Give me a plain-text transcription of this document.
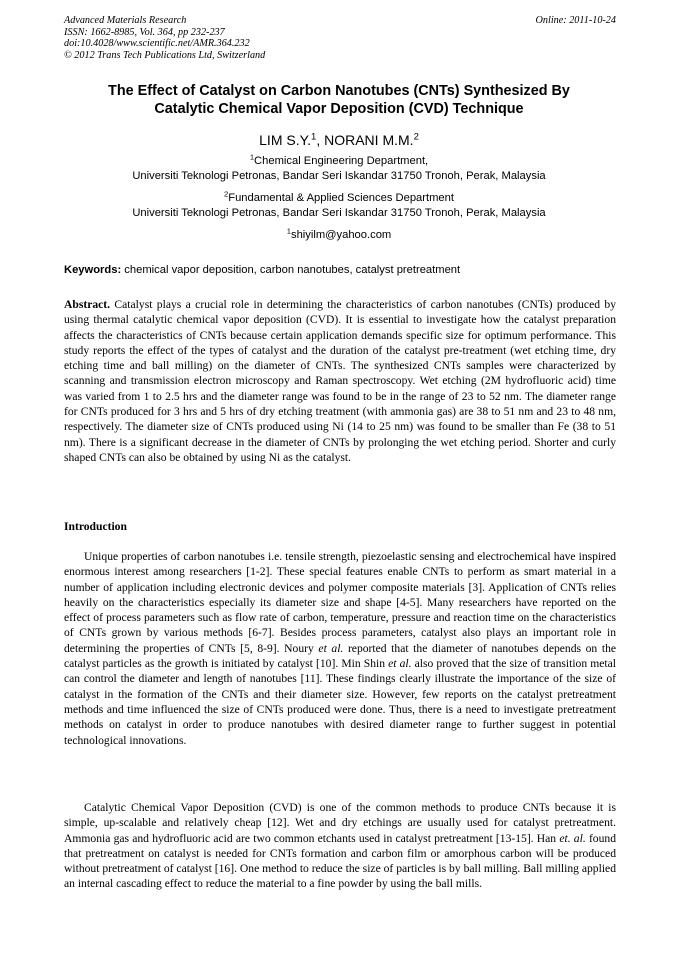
Advanced Materials Research
ISSN: 1662-8985, Vol. 364, pp 232-237
doi:10.4028/www.scientific.net/AMR.364.232
© 2012 Trans Tech Publications Ltd, Switzerland
Online: 2011-10-24
The Effect of Catalyst on Carbon Nanotubes (CNTs) Synthesized By
Catalytic Chemical Vapor Deposition (CVD) Technique
LIM S.Y.$^1$, NORANI M.M.$^2$
$^1$Chemical Engineering Department,
Universiti Teknologi Petronas, Bandar Seri Iskandar 31750 Tronoh, Perak, Malaysia
$^2$Fundamental & Applied Sciences Department
Universiti Teknologi Petronas, Bandar Seri Iskandar 31750 Tronoh, Perak, Malaysia
$^1$shiyilm@yahoo.com
Keywords: chemical vapor deposition, carbon nanotubes, catalyst pretreatment
Abstract. Catalyst plays a crucial role in determining the characteristics of carbon nanotubes (CNTs) produced by using thermal catalytic chemical vapor deposition (CVD). It is essential to investigate how the catalyst preparation affects the characteristics of CNTs because certain application demands specific size for optimum performance. This study reports the effect of the types of catalyst and the duration of the catalyst pre-treatment (wet etching time, dry etching time and ball milling) on the diameter of CNTs. The synthesized CNTs samples were characterized by scanning and transmission electron microscopy and Raman spectroscopy. Wet etching (2M hydrofluoric acid) time was varied from 1 to 2.5 hrs and the diameter range was found to be in the range of 23 to 52 nm. The diameter range for CNTs produced for 3 hrs and 5 hrs of dry etching treatment (with ammonia gas) are 38 to 51 nm and 23 to 48 nm, respectively. The diameter size of CNTs produced using Ni (14 to 25 nm) was found to be smaller than Fe (38 to 51 nm). There is a significant decrease in the diameter of CNTs by prolonging the wet etching period. Shorter and curly shaped CNTs can also be obtained by using Ni as the catalyst.
Introduction
Unique properties of carbon nanotubes i.e. tensile strength, piezoelastic sensing and electrochemical have inspired enormous interest among researchers [1-2]. These special features enable CNTs to perform as smart material in a number of application including electronic devices and polymer composite materials [3]. Application of CNTs relies heavily on the characteristics especially its diameter size and shape [4-5]. Many researchers have reported on the effect of process parameters such as flow rate of carbon, temperature, pressure and reaction time on the characteristics of CNTs grown by various methods [6-7]. Besides process parameters, catalyst also plays an important role in determining the properties of CNTs [5, 8-9]. Noury et al. reported that the diameter of nanotubes depends on the catalyst particles as the growth is initiated by catalyst [10]. Min Shin et al. also proved that the size of transition metal can control the diameter and length of nanotubes [11]. These findings clearly illustrate the importance of the size of catalyst in the formation of the CNTs and their diameter size. However, few reports on the catalyst pretreatment methods and time influenced the size of CNTs produced were done. Thus, there is a need to investigate pretreatment methods on catalyst in order to produce nanotubes with desired diameter range to further suggest in potential technological innovations.
Catalytic Chemical Vapor Deposition (CVD) is one of the common methods to produce CNTs because it is simple, up-scalable and relatively cheap [12]. Wet and dry etchings are usually used for catalyst pretreatment. Ammonia gas and hydrofluoric acid are two common etchants used in catalyst pretreatment [13-15]. Han et. al. found that pretreatment on catalyst is needed for CNTs formation and carbon film or amorphous carbon will be produced without pretreatment of catalyst [16]. One method to reduce the size of particles is by ball milling. Ball milling applied an internal cascading effect to reduce the material to a fine powder by using the ball mills.
